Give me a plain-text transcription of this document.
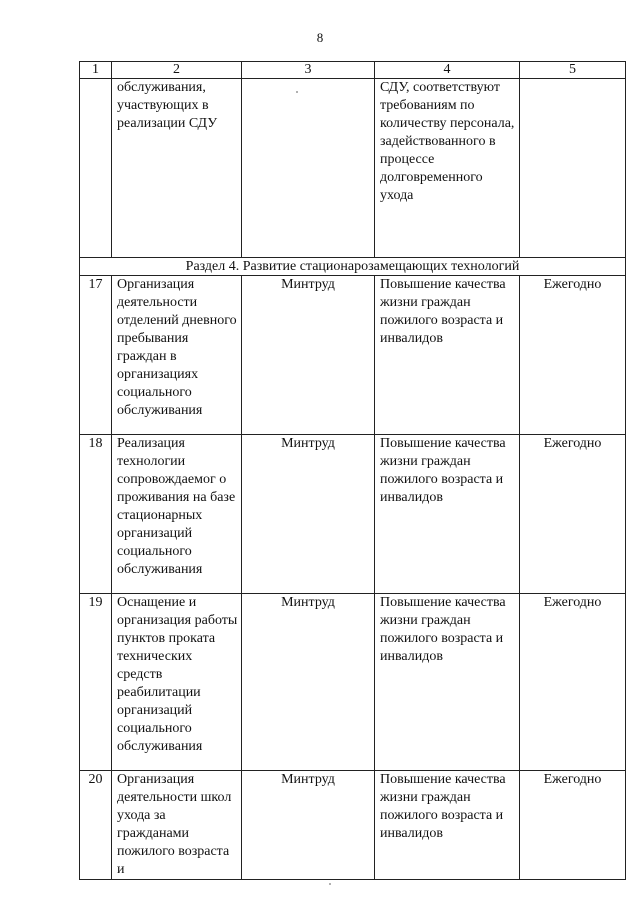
8
1	2	3	4	5
	обслуживания, участвующих в реализации СДУ		СДУ, соответствуют требованиям по количеству персонала, задействованного в процессе долговременного ухода	
Раздел 4. Развитие стационарозамещающих технологий				
17	Организация деятельности отделений дневного пребывания граждан в организациях социального обслуживания	Минтруд	Повышение качества жизни граждан пожилого возраста и инвалидов	Ежегодно
18	Реализация технологии сопровождаемог о проживания на базе стационарных организаций социального обслуживания	Минтруд	Повышение качества жизни граждан пожилого возраста и инвалидов	Ежегодно
19	Оснащение и организация работы пунктов проката технических средств реабилитации организаций социального обслуживания	Минтруд	Повышение качества жизни граждан пожилого возраста и инвалидов	Ежегодно
20	Организация деятельности школ ухода за гражданами пожилого возраста и	Минтруд	Повышение качества жизни граждан пожилого возраста и инвалидов	Ежегодно
